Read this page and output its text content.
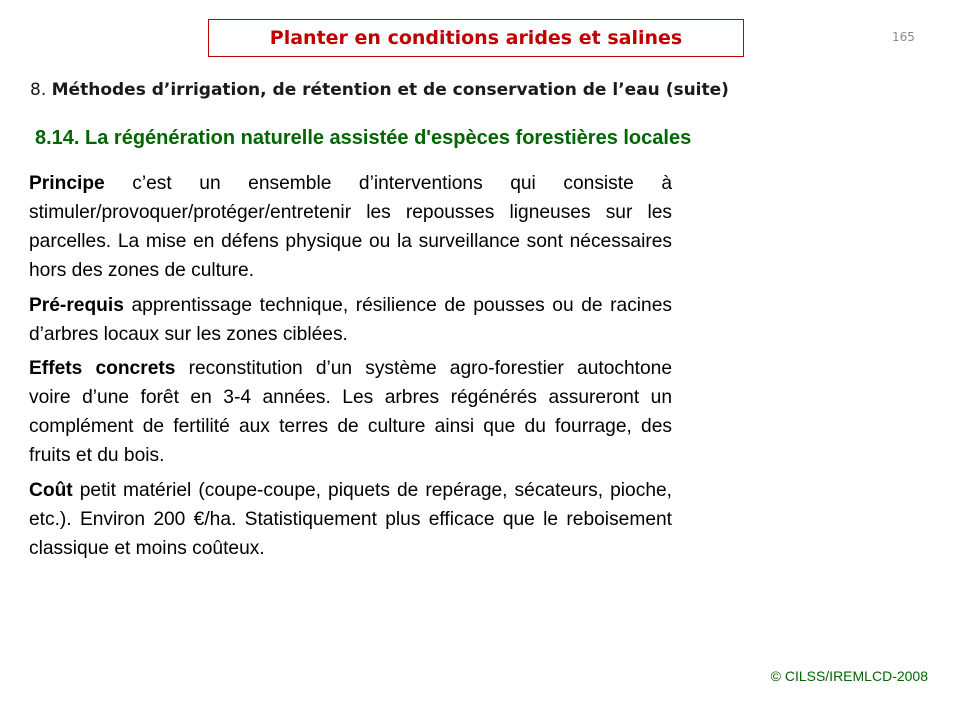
Planter en conditions arides et salines	165
8. Méthodes d’irrigation, de rétention et de conservation de l’eau (suite)
8.14. La régénération naturelle assistée d'espèces forestières locales

Principe c’est un ensemble d’interventions qui consiste à stimuler/provoquer/protéger/entretenir les repousses ligneuses sur les parcelles. La mise en défens physique ou la surveillance sont nécessaires hors des zones de culture.

Pré-requis apprentissage technique, résilience de pousses ou de racines d’arbres locaux sur les zones ciblées.

Effets concrets reconstitution d’un système agro-forestier autochtone voire d’une forêt en 3-4 années. Les arbres régénérés assureront un complément de fertilité aux terres de culture ainsi que du fourrage, des fruits et du bois.

Coût petit matériel (coupe-coupe, piquets de repérage, sécateurs, pioche, etc.). Environ 200 €/ha. Statistiquement plus efficace que le reboisement classique et moins coûteux.

© CILSS/IREMLCD-2008
